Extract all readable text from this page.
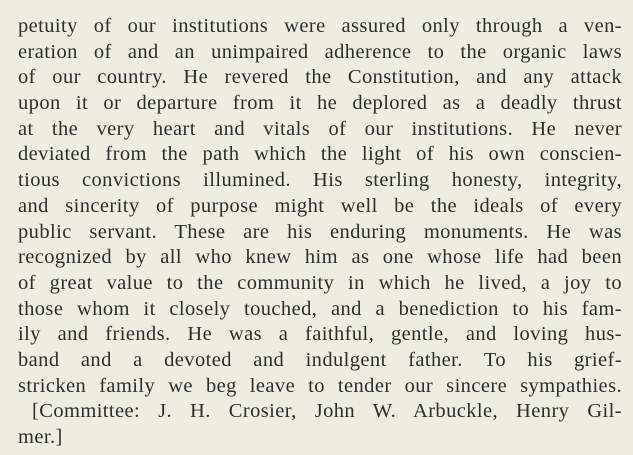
petuity of our institutions were assured only through a ven-
eration of and an unimpaired adherence to the organic laws
of our country. He revered the Constitution, and any attack
upon it or departure from it he deplored as a deadly thrust
at the very heart and vitals of our institutions. He never
deviated from the path which the light of his own conscien-
tious convictions illumined. His sterling honesty, integrity,
and sincerity of purpose might well be the ideals of every
public servant. These are his enduring monuments. He was
recognized by all who knew him as one whose life had been
of great value to the community in which he lived, a joy to
those whom it closely touched, and a benediction to his fam-
ily and friends. He was a faithful, gentle, and loving hus-
band and a devoted and indulgent father. To his grief-
stricken family we beg leave to tender our sincere sympathies.
[Committee: J. H. Crosier, John W. Arbuckle, Henry Gil-
mer.]
